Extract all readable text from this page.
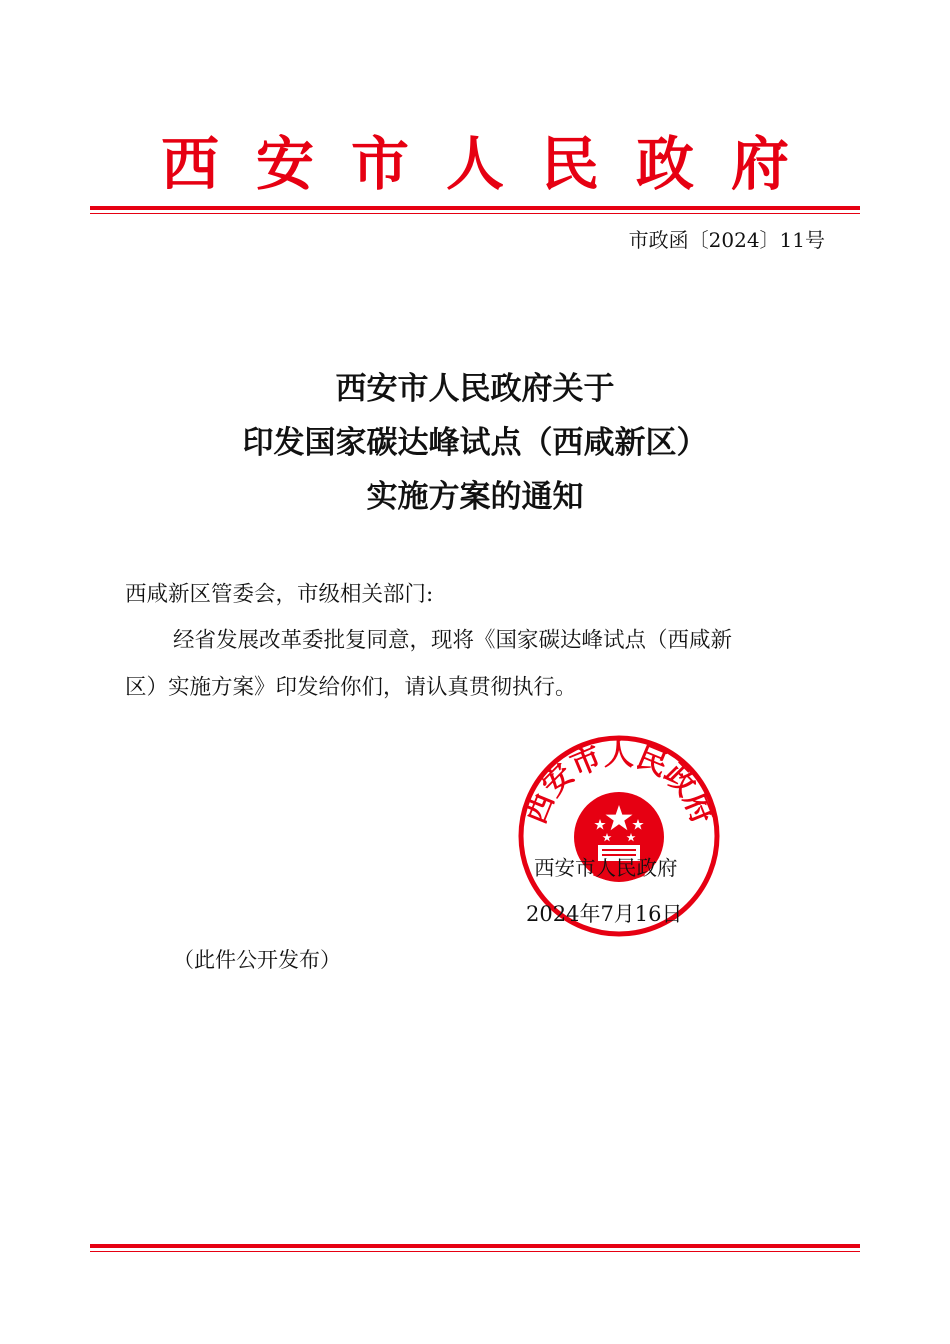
西安市人民政府
市政函〔2024〕11号
西安市人民政府关于
印发国家碳达峰试点（西咸新区）
实施方案的通知
西咸新区管委会，市级相关部门:
经省发展改革委批复同意，现将《国家碳达峰试点（西咸新
区）实施方案》印发给你们，请认真贯彻执行。
西安市人民政府
西安市人民政府
2024年7月16日
（此件公开发布）
